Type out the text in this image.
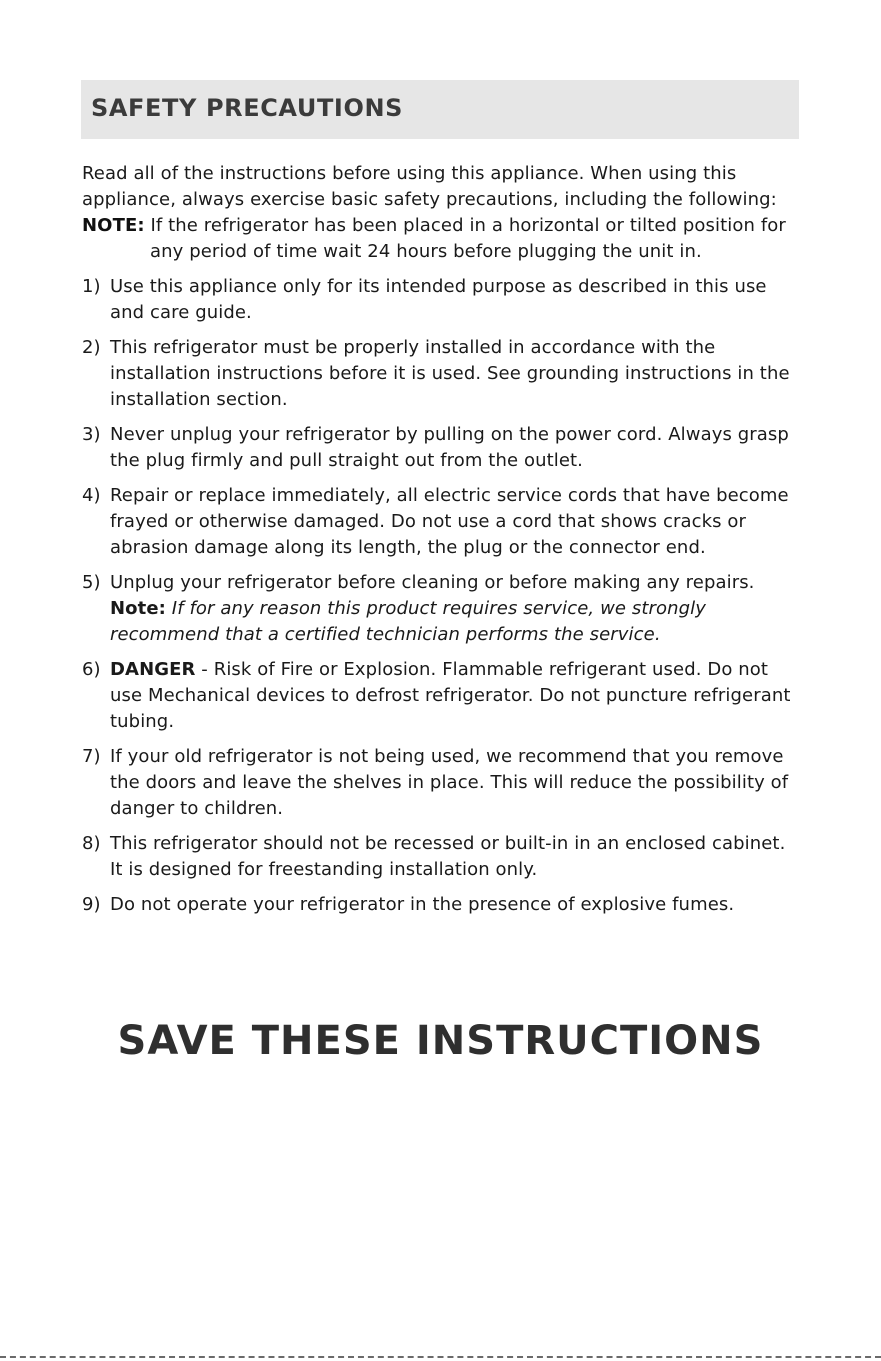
SAFETY PRECAUTIONS

Read all of the instructions before using this appliance. When using this appliance, always exercise basic safety precautions, including the following:

NOTE: If the refrigerator has been placed in a horizontal or tilted position for any period of time wait 24 hours before plugging the unit in.

1) Use this appliance only for its intended purpose as described in this use and care guide.
2) This refrigerator must be properly installed in accordance with the installation instructions before it is used. See grounding instructions in the installation section.
3) Never unplug your refrigerator by pulling on the power cord. Always grasp the plug firmly and pull straight out from the outlet.
4) Repair or replace immediately, all electric service cords that have become frayed or otherwise damaged. Do not use a cord that shows cracks or abrasion damage along its length, the plug or the connector end.
5) Unplug your refrigerator before cleaning or before making any repairs.
Note: If for any reason this product requires service, we strongly recommend that a certified technician performs the service.
6) DANGER - Risk of Fire or Explosion. Flammable refrigerant used. Do not use Mechanical devices to defrost refrigerator. Do not puncture refrigerant tubing.
7) If your old refrigerator is not being used, we recommend that you remove the doors and leave the shelves in place. This will reduce the possibility of danger to children.
8) This refrigerator should not be recessed or built-in in an enclosed cabinet. It is designed for freestanding installation only.
9) Do not operate your refrigerator in the presence of explosive fumes.
SAVE THESE INSTRUCTIONS
